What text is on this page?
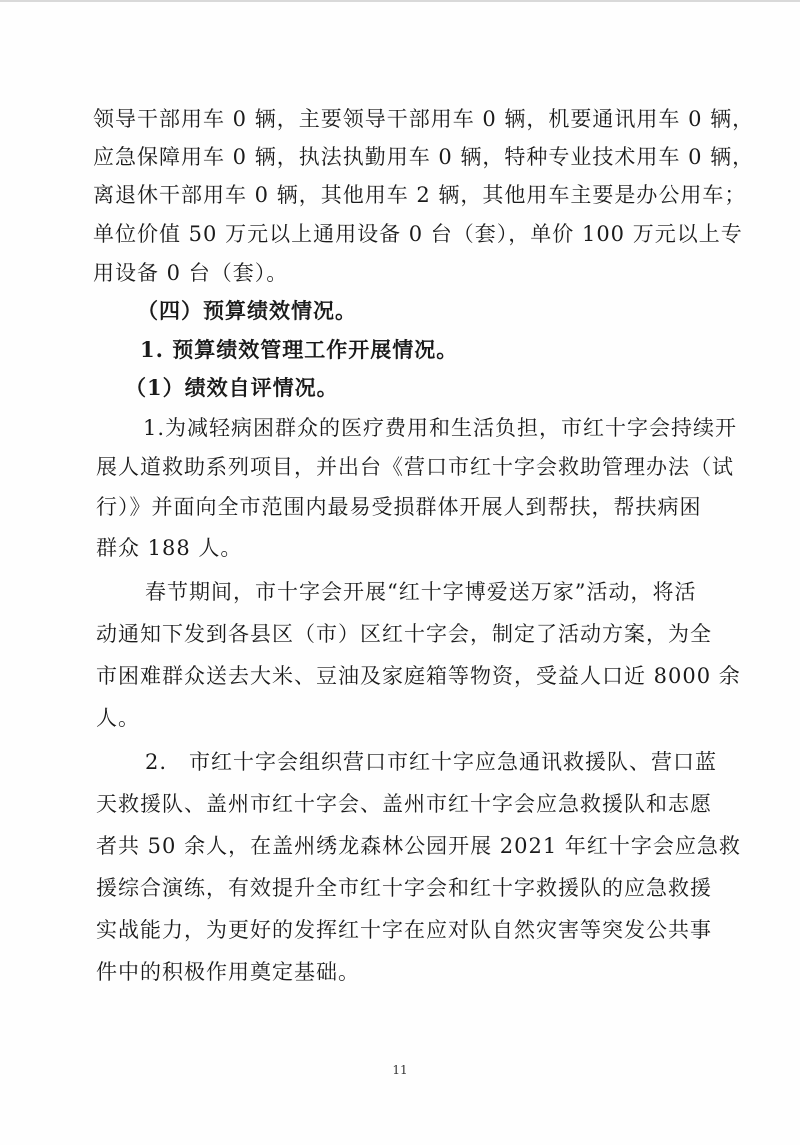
领导干部用车 0 辆，主要领导干部用车 0 辆，机要通讯用车 0 辆，
应急保障用车 0 辆，执法执勤用车 0 辆，特种专业技术用车 0 辆，
离退休干部用车 0 辆，其他用车 2 辆，其他用车主要是办公用车；
单位价值 50 万元以上通用设备 0 台（套），单价 100 万元以上专
用设备 0 台（套）。
（四）预算绩效情况。
1. 预算绩效管理工作开展情况。
（1）绩效自评情况。
1.为减轻病困群众的医疗费用和生活负担，市红十字会持续开
展人道救助系列项目，并出台《营口市红十字会救助管理办法（试
行）》并面向全市范围内最易受损群体开展人到帮扶，帮扶病困
群众 188 人。
春节期间，市十字会开展“红十字博爱送万家”活动，将活
动通知下发到各县区（市）区红十字会，制定了活动方案，为全
市困难群众送去大米、豆油及家庭箱等物资，受益人口近 8000 余
人。
2.　市红十字会组织营口市红十字应急通讯救援队、营口蓝
天救援队、盖州市红十字会、盖州市红十字会应急救援队和志愿
者共 50 余人，在盖州绣龙森林公园开展 2021 年红十字会应急救
援综合演练，有效提升全市红十字会和红十字救援队的应急救援
实战能力，为更好的发挥红十字在应对队自然灾害等突发公共事
件中的积极作用奠定基础。
11
